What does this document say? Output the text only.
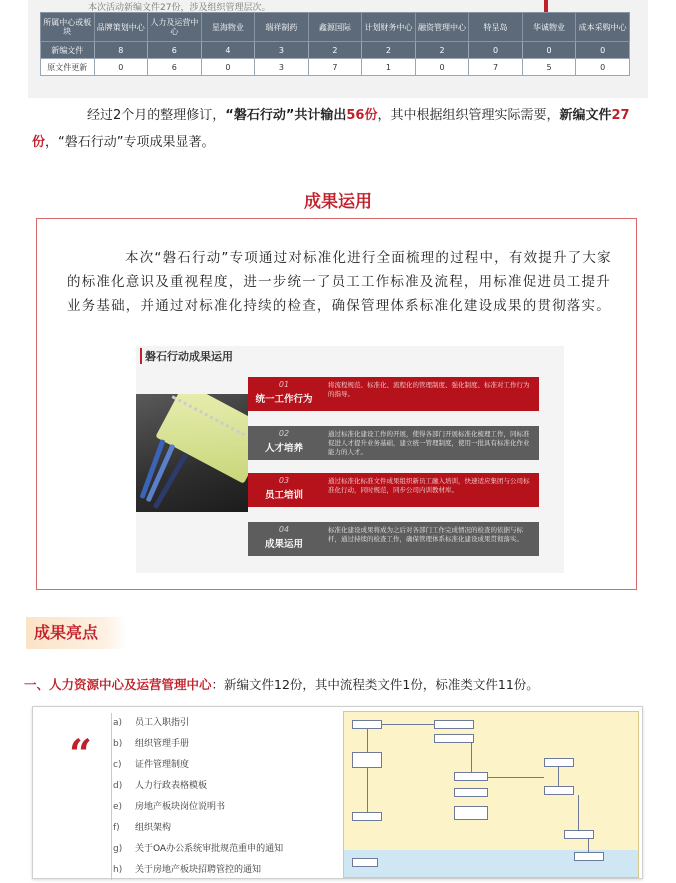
本次活动新编文件27份，涉及组织管理层次。
所属中心或板块	品牌策划中心	人力及运营中心	星海物业	瑞祥制药	鑫源国际	计划财务中心	融资管理中心	特呈岛	华诚物业	成本采购中心
新编文件	8	6	4	3	2	2	2	0	0	0
原文件更新	0	6	0	3	7	1	0	7	5	0
经过2个月的整理修订，“磐石行动”共计输出56份，其中根据组织管理实际需要，新编文件27份，“磐石行动”专项成果显著。
成果运用
本次“磐石行动”专项通过对标准化进行全面梳理的过程中，有效提升了大家的标准化意识及重视程度，进一步统一了员工工作标准及流程，用标准促进员工提升业务基础，并通过对标准化持续的检查，确保管理体系标准化建设成果的贯彻落实。
磐石行动成果运用
01
统一工作行为
将流程规范、标准化、流程化的管理制度、强化制度、标准对工作行为的指导。
02
人才培养
通过标准化建设工作的开展，使得各部门开展标准化梳理工作，同标准促进人才提升业务基础，建立统一管理制度，使用一批具有标准化作业能力的人才。
03
员工培训
通过标准化标准文件成果组织新员工融入培训，快速适应集团与公司标准化行动，同时规范，同步公司内训教材库。
04
成果运用
标准化建设成果将成为之后对各部门工作完成情况的检查的依据与标杆，通过持续的检查工作，确保管理体系标准化建设成果贯彻落实。
成果亮点
一、人力资源中心及运营管理中心：新编文件12份，其中流程类文件1份，标准类文件11份。
“
a) 员工入职指引
b) 组织管理手册
c) 证件管理制度
d) 人力行政表格模板
e) 房地产板块岗位说明书
f) 组织架构
g) 关于OA办公系统审批规范重申的通知
h) 关于房地产板块招聘管控的通知
